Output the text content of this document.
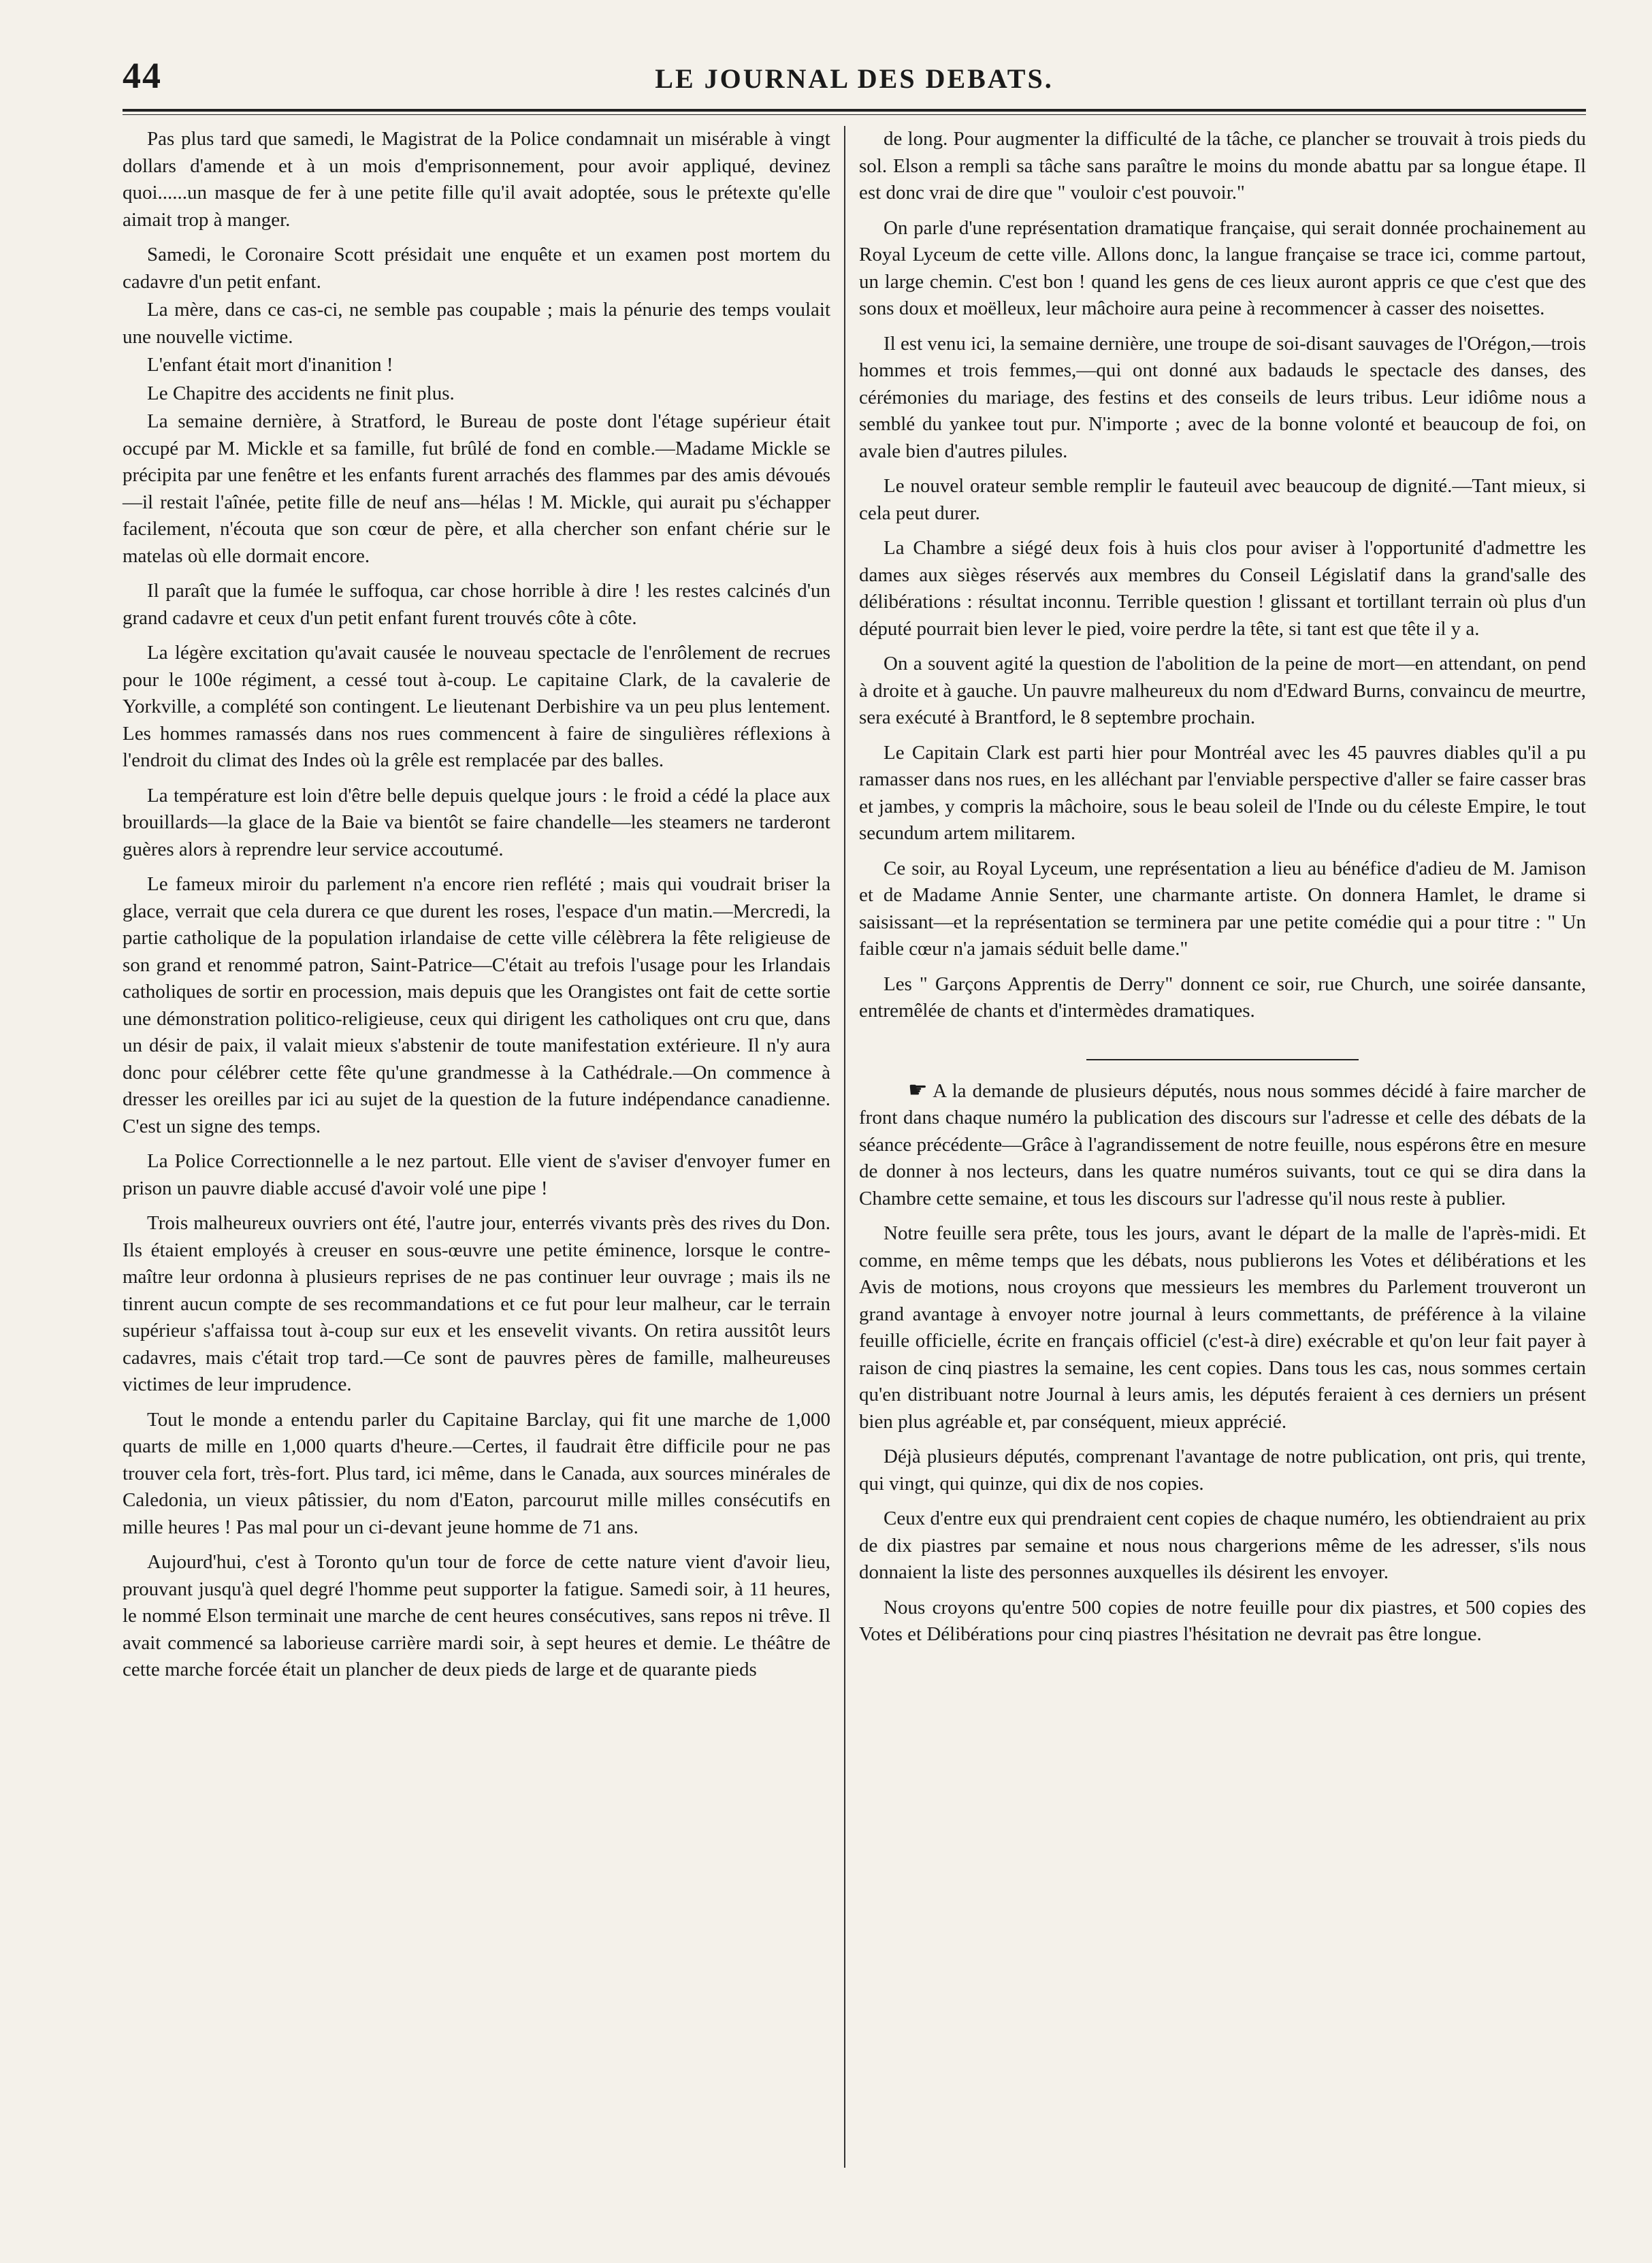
44	LE JOURNAL DES DEBATS.

Pas plus tard que samedi, le Magistrat de la Police condamnait un misérable à vingt dollars d'amende et à un mois d'emprisonnement, pour avoir appliqué, devinez quoi......un masque de fer à une petite fille qu'il avait adoptée, sous le prétexte qu'elle aimait trop à manger.

Samedi, le Coronaire Scott présidait une enquête et un examen post mortem du cadavre d'un petit enfant.

La mère, dans ce cas-ci, ne semble pas coupable ; mais la pénurie des temps voulait une nouvelle victime.

L'enfant était mort d'inanition !

Le Chapitre des accidents ne finit plus.

La semaine dernière, à Stratford, le Bureau de poste dont l'étage supérieur était occupé par M. Mickle et sa famille, fut brûlé de fond en comble.—Madame Mickle se précipita par une fenêtre et les enfants furent arrachés des flammes par des amis dévoués—il restait l'aînée, petite fille de neuf ans—hélas ! M. Mickle, qui aurait pu s'échapper facilement, n'écouta que son cœur de père, et alla chercher son enfant chérie sur le matelas où elle dormait encore.

Il paraît que la fumée le suffoqua, car chose horrible à dire ! les restes calcinés d'un grand cadavre et ceux d'un petit enfant furent trouvés côte à côte.

La légère excitation qu'avait causée le nouveau spectacle de l'enrôlement de recrues pour le 100e régiment, a cessé tout à-coup. Le capitaine Clark, de la cavalerie de Yorkville, a complété son contingent. Le lieutenant Derbishire va un peu plus lentement. Les hommes ramassés dans nos rues commencent à faire de singulières réflexions à l'endroit du climat des Indes où la grêle est remplacée par des balles.

La température est loin d'être belle depuis quelque jours : le froid a cédé la place aux brouillards—la glace de la Baie va bientôt se faire chandelle—les steamers ne tarderont guères alors à reprendre leur service accoutumé.

Le fameux miroir du parlement n'a encore rien reflété ; mais qui voudrait briser la glace, verrait que cela durera ce que durent les roses, l'espace d'un matin.—Mercredi, la partie catholique de la population irlandaise de cette ville célèbrera la fête religieuse de son grand et renommé patron, Saint-Patrice—C'était au trefois l'usage pour les Irlandais catholiques de sortir en procession, mais depuis que les Orangistes ont fait de cette sortie une démonstration politico-religieuse, ceux qui dirigent les catholiques ont cru que, dans un désir de paix, il valait mieux s'abstenir de toute manifestation extérieure. Il n'y aura donc pour célébrer cette fête qu'une grandmesse à la Cathédrale.—On commence à dresser les oreilles par ici au sujet de la question de la future indépendance canadienne. C'est un signe des temps.

La Police Correctionnelle a le nez partout. Elle vient de s'aviser d'envoyer fumer en prison un pauvre diable accusé d'avoir volé une pipe !

Trois malheureux ouvriers ont été, l'autre jour, enterrés vivants près des rives du Don. Ils étaient employés à creuser en sous-œuvre une petite éminence, lorsque le contre-maître leur ordonna à plusieurs reprises de ne pas continuer leur ouvrage ; mais ils ne tinrent aucun compte de ses recommandations et ce fut pour leur malheur, car le terrain supérieur s'affaissa tout à-coup sur eux et les ensevelit vivants. On retira aussitôt leurs cadavres, mais c'était trop tard.—Ce sont de pauvres pères de famille, malheureuses victimes de leur imprudence.

Tout le monde a entendu parler du Capitaine Barclay, qui fit une marche de 1,000 quarts de mille en 1,000 quarts d'heure.—Certes, il faudrait être difficile pour ne pas trouver cela fort, très-fort. Plus tard, ici même, dans le Canada, aux sources minérales de Caledonia, un vieux pâtissier, du nom d'Eaton, parcourut mille milles consécutifs en mille heures ! Pas mal pour un ci-devant jeune homme de 71 ans.

Aujourd'hui, c'est à Toronto qu'un tour de force de cette nature vient d'avoir lieu, prouvant jusqu'à quel degré l'homme peut supporter la fatigue. Samedi soir, à 11 heures, le nommé Elson terminait une marche de cent heures consécutives, sans repos ni trêve. Il avait commencé sa laborieuse carrière mardi soir, à sept heures et demie. Le théâtre de cette marche forcée était un plancher de deux pieds de large et de quarante pieds

de long. Pour augmenter la difficulté de la tâche, ce plancher se trouvait à trois pieds du sol. Elson a rempli sa tâche sans paraître le moins du monde abattu par sa longue étape. Il est donc vrai de dire que " vouloir c'est pouvoir."

On parle d'une représentation dramatique française, qui serait donnée prochainement au Royal Lyceum de cette ville. Allons donc, la langue française se trace ici, comme partout, un large chemin. C'est bon ! quand les gens de ces lieux auront appris ce que c'est que des sons doux et moëlleux, leur mâchoire aura peine à recommencer à casser des noisettes.

Il est venu ici, la semaine dernière, une troupe de soi-disant sauvages de l'Orégon,—trois hommes et trois femmes,—qui ont donné aux badauds le spectacle des danses, des cérémonies du mariage, des festins et des conseils de leurs tribus. Leur idiôme nous a semblé du yankee tout pur. N'importe ; avec de la bonne volonté et beaucoup de foi, on avale bien d'autres pilules.

Le nouvel orateur semble remplir le fauteuil avec beaucoup de dignité.—Tant mieux, si cela peut durer.

La Chambre a siégé deux fois à huis clos pour aviser à l'opportunité d'admettre les dames aux sièges réservés aux membres du Conseil Législatif dans la grand'salle des délibérations : résultat inconnu. Terrible question ! glissant et tortillant terrain où plus d'un député pourrait bien lever le pied, voire perdre la tête, si tant est que tête il y a.

On a souvent agité la question de l'abolition de la peine de mort—en attendant, on pend à droite et à gauche. Un pauvre malheureux du nom d'Edward Burns, convaincu de meurtre, sera exécuté à Brantford, le 8 septembre prochain.

Le Capitain Clark est parti hier pour Montréal avec les 45 pauvres diables qu'il a pu ramasser dans nos rues, en les alléchant par l'enviable perspective d'aller se faire casser bras et jambes, y compris la mâchoire, sous le beau soleil de l'Inde ou du céleste Empire, le tout secundum artem militarem.

Ce soir, au Royal Lyceum, une représentation a lieu au bénéfice d'adieu de M. Jamison et de Madame Annie Senter, une charmante artiste. On donnera Hamlet, le drame si saisissant—et la représentation se terminera par une petite comédie qui a pour titre : " Un faible cœur n'a jamais séduit belle dame."

Les " Garçons Apprentis de Derry" donnent ce soir, rue Church, une soirée dansante, entremêlée de chants et d'intermèdes dramatiques.

☛ A la demande de plusieurs députés, nous nous sommes décidé à faire marcher de front dans chaque numéro la publication des discours sur l'adresse et celle des débats de la séance précédente—Grâce à l'agrandissement de notre feuille, nous espérons être en mesure de donner à nos lecteurs, dans les quatre numéros suivants, tout ce qui se dira dans la Chambre cette semaine, et tous les discours sur l'adresse qu'il nous reste à publier.

Notre feuille sera prête, tous les jours, avant le départ de la malle de l'après-midi. Et comme, en même temps que les débats, nous publierons les Votes et délibérations et les Avis de motions, nous croyons que messieurs les membres du Parlement trouveront un grand avantage à envoyer notre journal à leurs commettants, de préférence à la vilaine feuille officielle, écrite en français officiel (c'est-à dire) exécrable et qu'on leur fait payer à raison de cinq piastres la semaine, les cent copies. Dans tous les cas, nous sommes certain qu'en distribuant notre Journal à leurs amis, les députés feraient à ces derniers un présent bien plus agréable et, par conséquent, mieux apprécié.

Déjà plusieurs députés, comprenant l'avantage de notre publication, ont pris, qui trente, qui vingt, qui quinze, qui dix de nos copies.

Ceux d'entre eux qui prendraient cent copies de chaque numéro, les obtiendraient au prix de dix piastres par semaine et nous nous chargerions même de les adresser, s'ils nous donnaient la liste des personnes auxquelles ils désirent les envoyer.

Nous croyons qu'entre 500 copies de notre feuille pour dix piastres, et 500 copies des Votes et Délibérations pour cinq piastres l'hésitation ne devrait pas être longue.
